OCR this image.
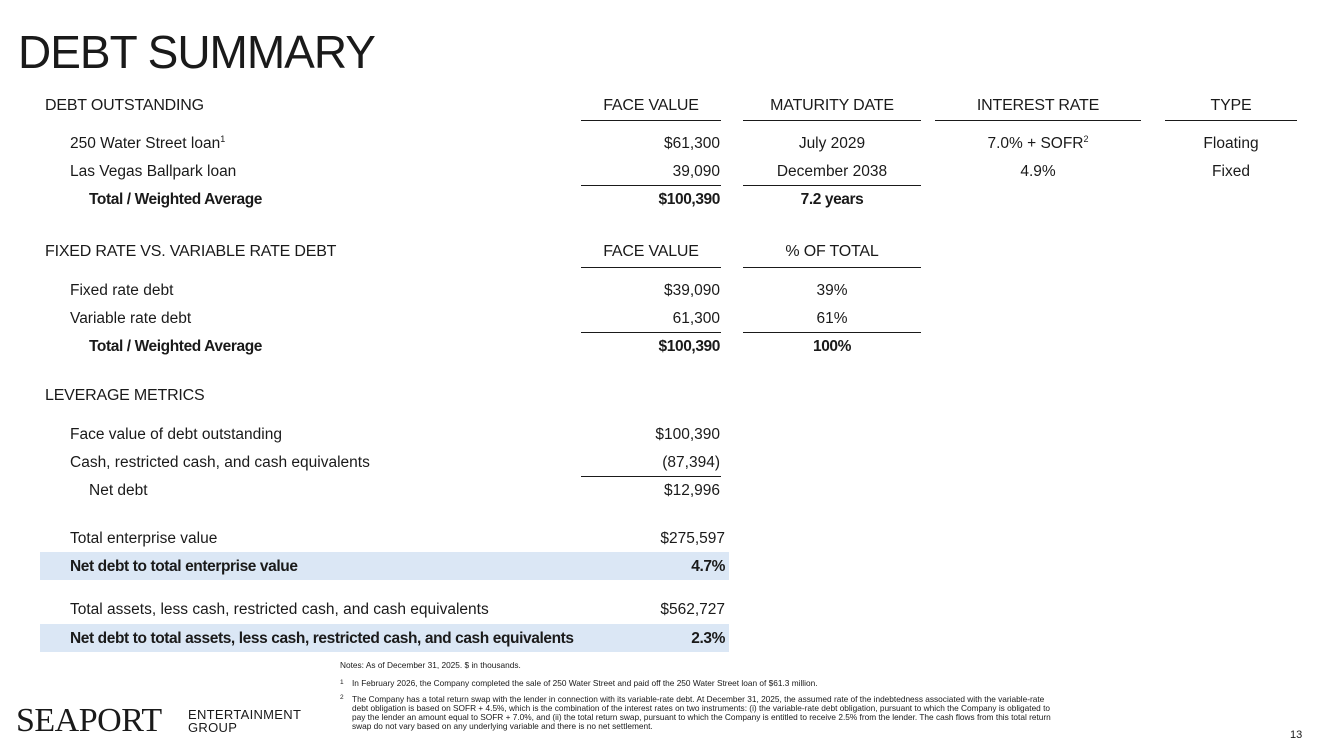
DEBT SUMMARY
DEBT OUTSTANDING	FACE VALUE	MATURITY DATE	INTEREST RATE	TYPE
250 Water Street loan$^1$	$61,300	July 2029	$7.0\% + SOFR^2$	Floating
Las Vegas Ballpark loan	39,090	December 2038	4.9%	Fixed
Total / Weighted Average	$100,390	7.2 years
FIXED RATE VS. VARIABLE RATE DEBT	FACE VALUE	% OF TOTAL
Fixed rate debt	$39,090	39%
Variable rate debt	61,300	61%
Total / Weighted Average	$100,390	100%
LEVERAGE METRICS
Face value of debt outstanding	$100,390
Cash, restricted cash, and cash equivalents	(87,394)
Net debt	$12,996
Total enterprise value	$275,597
Net debt to total enterprise value	4.7%
Total assets, less cash, restricted cash, and cash equivalents	$562,727
Net debt to total assets, less cash, restricted cash, and cash equivalents	2.3%
Notes: As of December 31, 2025. $ in thousands.
1 In February 2026, the Company completed the sale of 250 Water Street and paid off the 250 Water Street loan of $61.3 million.
2 The Company has a total return swap with the lender in connection with its variable-rate debt. At December 31, 2025, the assumed rate of the indebtedness associated with the variable-rate
debt obligation is based on SOFR + 4.5%, which is the combination of the interest rates on two instruments: (i) the variable-rate debt obligation, pursuant to which the Company is obligated to
pay the lender an amount equal to SOFR + 7.0%, and (ii) the total return swap, pursuant to which the Company is entitled to receive 2.5% from the lender. The cash flows from this total return
swap do not vary based on any underlying variable and there is no net settlement.
SEAPORT ENTERTAINMENT
GROUP
13
